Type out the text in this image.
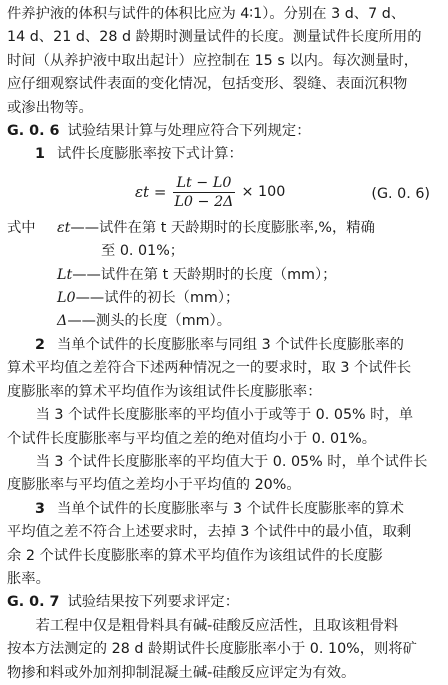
件养护液的体积与试件的体积比应为 4∶1）。分别在 3 d、7 d、

14 d、21 d、28 d 龄期时测量试件的长度。测量试件长度所用的

时间（从养护液中取出起计）应控制在 15 s 以内。每次测量时，

应仔细观察试件表面的变化情况，包括变形、裂缝、表面沉积物

或渗出物等。

G. 0. 6 试验结果计算与处理应符合下列规定：

1 试件长度膨胀率按下式计算：

$\varepsilon t = \frac{Lt - L0}{L0 - 2\Delta} \times 100$	(G. 0. 6)
式中 εt——试件在第 t 天龄期时的长度膨胀率,%，精确
至 0. 01%；
Lt——试件在第 t 天龄期时的长度（mm）；
L0——试件的初长（mm）；
Δ——测头的长度（mm）。

2 当单个试件的长度膨胀率与同组 3 个试件长度膨胀率的

算术平均值之差符合下述两种情况之一的要求时，取 3 个试件长

度膨胀率的算术平均值作为该组试件长度膨胀率：

当 3 个试件长度膨胀率的平均值小于或等于 0. 05% 时，单

个试件长度膨胀率与平均值之差的绝对值均小于 0. 01%。

当 3 个试件长度膨胀率的平均值大于 0. 05% 时，单个试件长

度膨胀率与平均值之差均小于平均值的 20%。

3 当单个试件的长度膨胀率与 3 个试件长度膨胀率的算术

平均值之差不符合上述要求时，去掉 3 个试件中的最小值，取剩

余 2 个试件长度膨胀率的算术平均值作为该组试件的长度膨

胀率。

G. 0. 7 试验结果按下列要求评定：

若工程中仅是粗骨料具有碱-硅酸反应活性，且取该粗骨料

按本方法测定的 28 d 龄期试件长度膨胀率小于 0. 10%，则将矿

物掺和料或外加剂抑制混凝土碱-硅酸反应评定为有效。
